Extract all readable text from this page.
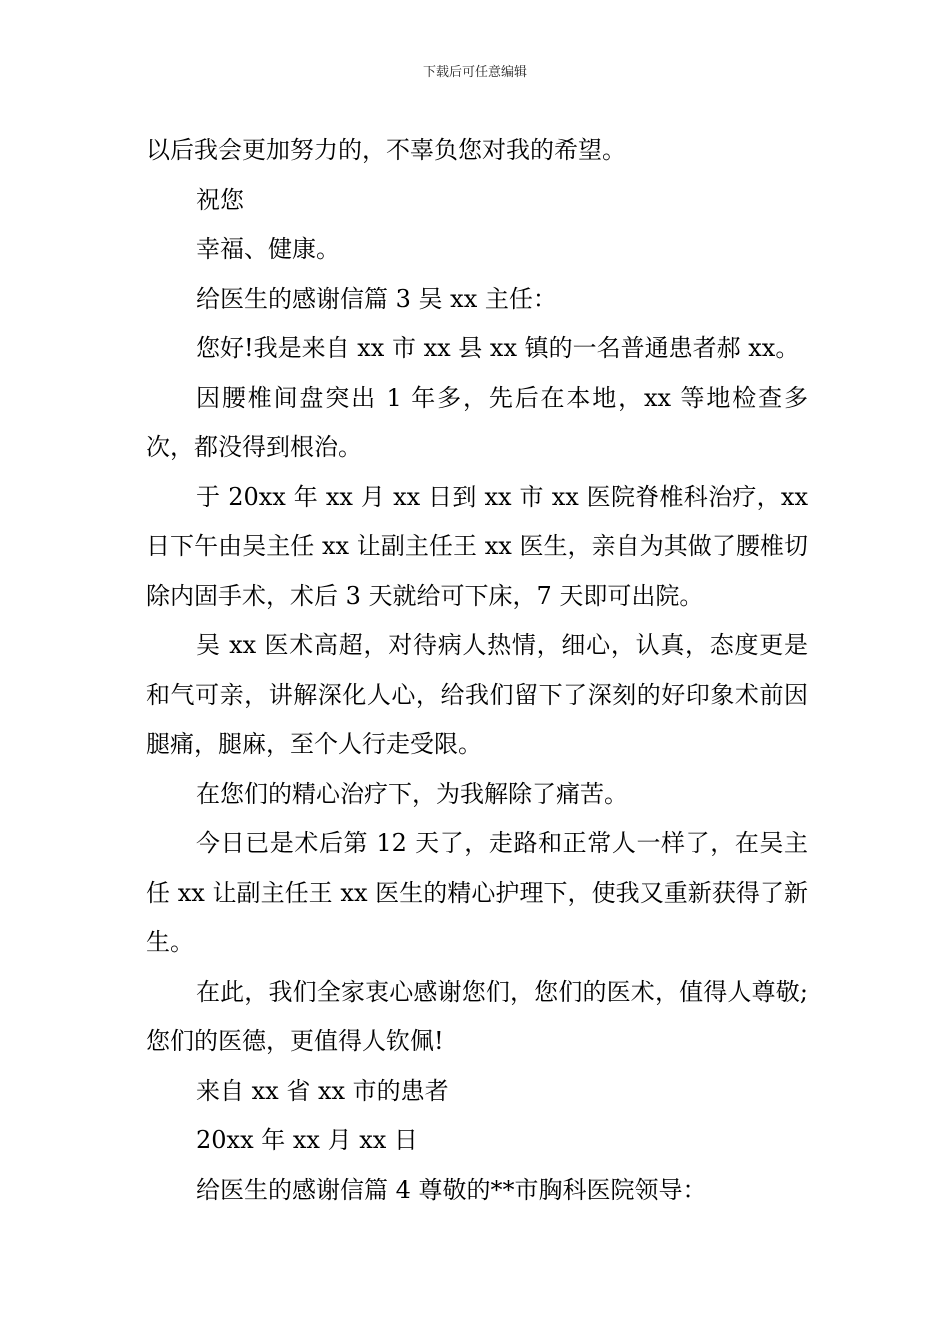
下载后可任意编辑

以后我会更加努力的，不辜负您对我的希望。

祝您

幸福、健康。

给医生的感谢信篇 3 吴 xx 主任：

您好!我是来自 xx 市 xx 县 xx 镇的一名普通患者郝 xx。

因腰椎间盘突出 1 年多，先后在本地，xx 等地检查多次，都没得到根治。

于 20xx 年 xx 月 xx 日到 xx 市 xx 医院脊椎科治疗，xx 日下午由吴主任 xx 让副主任王 xx 医生，亲自为其做了腰椎切除内固手术，术后 3 天就给可下床，7 天即可出院。

吴 xx 医术高超，对待病人热情，细心，认真，态度更是和气可亲，讲解深化人心，给我们留下了深刻的好印象术前因腿痛，腿麻，至个人行走受限。

在您们的精心治疗下，为我解除了痛苦。

今日已是术后第 12 天了，走路和正常人一样了，在吴主任 xx 让副主任王 xx 医生的精心护理下，使我又重新获得了新生。

在此，我们全家衷心感谢您们，您们的医术，值得人尊敬;您们的医德，更值得人钦佩!

来自 xx 省 xx 市的患者

20xx 年 xx 月 xx 日

给医生的感谢信篇 4 尊敬的**市胸科医院领导：
